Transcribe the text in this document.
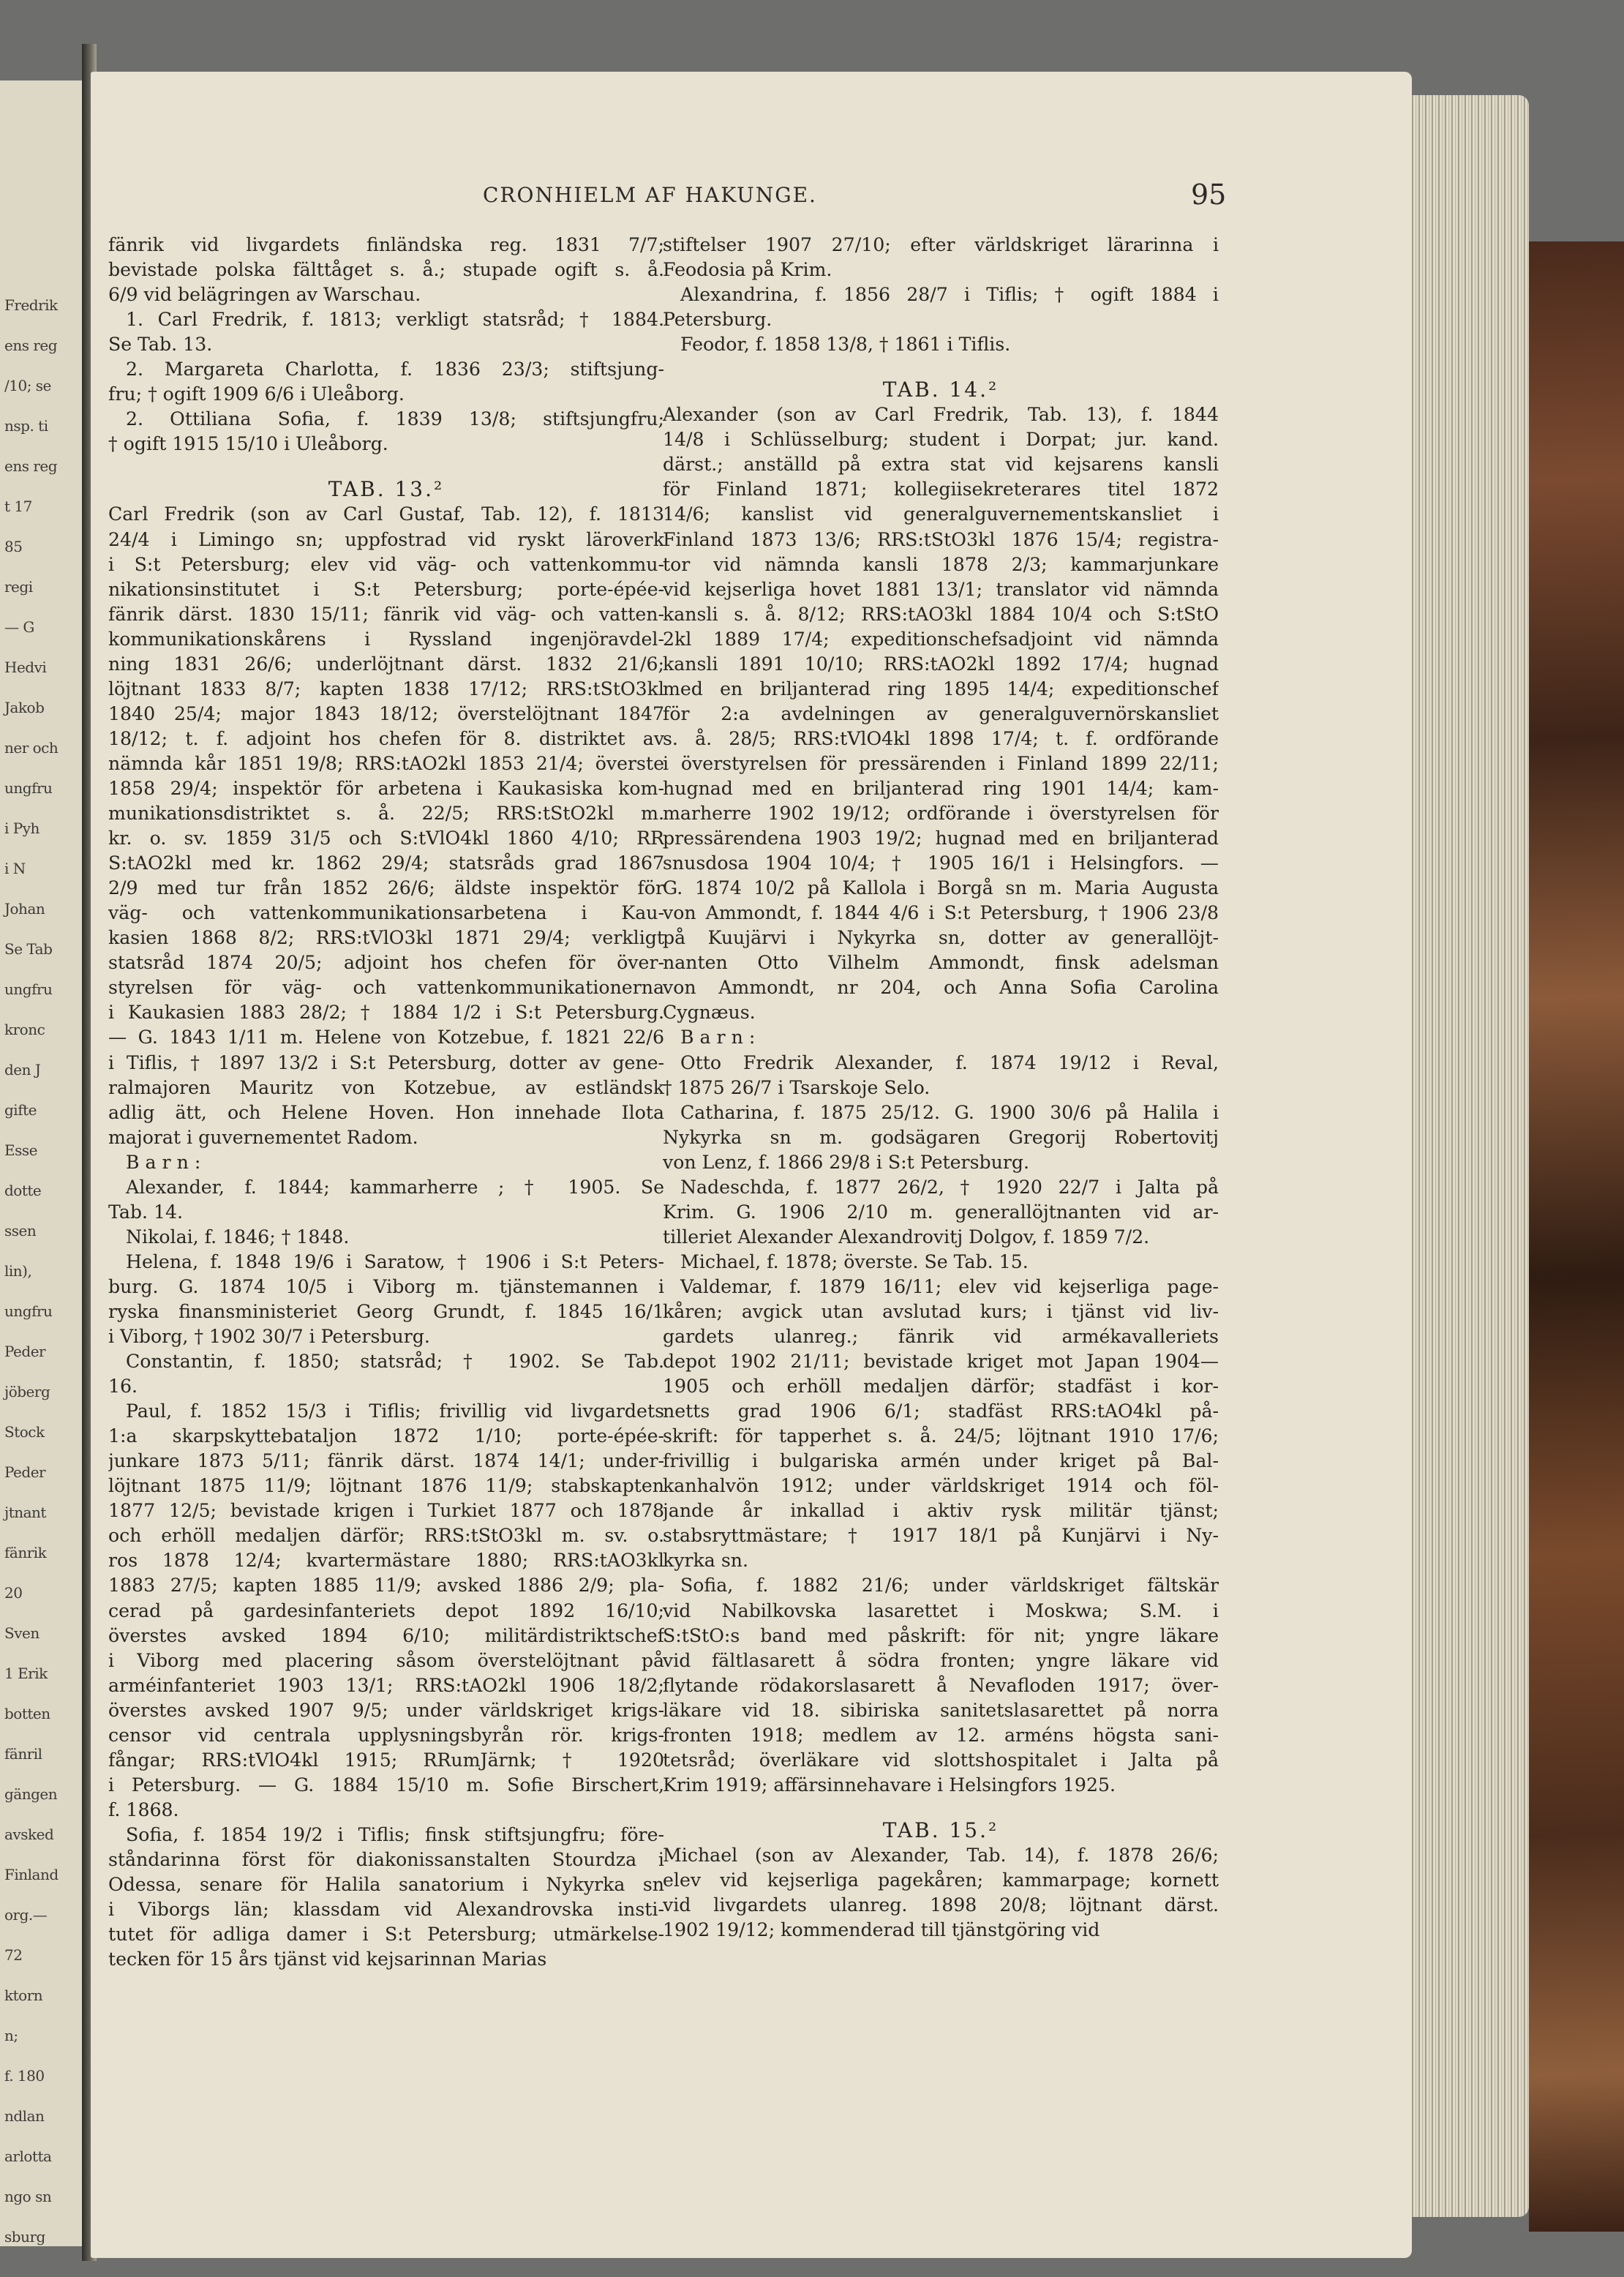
Fredrik
ens reg
/10; se
nsp. ti
ens reg
t 17
85
regi
— G
Hedvi
Jakob
ner och
ungfru
i Pyh
i N
Johan
Se Tab
ungfru
kronc
den J
gifte
Esse
dotte
ssen
lin),
ungfru
Peder
jöberg
Stock
Peder
jtnant
fänrik
20
Sven
1 Erik
botten
fänril
gängen
avsked
Finland
org.—
72
ktorn
n;
f. 180
ndlan
arlotta
ngo sn
sburg
CRONHIELM AF HAKUNGE.	95
fänrik vid livgardets finländska reg. 1831 7/7;
bevistade polska fälttåget s. å.; stupade ogift s. å.
6/9 vid belägringen av Warschau.
1. Carl Fredrik, f. 1813; verkligt statsråd; † 1884.
Se Tab. 13.
2. Margareta Charlotta, f. 1836 23/3; stiftsjung-
fru; † ogift 1909 6/6 i Uleåborg.
2. Ottiliana Sofia, f. 1839 13/8; stiftsjungfru;
† ogift 1915 15/10 i Uleåborg.
TAB. 13.²
Carl Fredrik (son av Carl Gustaf, Tab. 12), f. 1813
24/4 i Limingo sn; uppfostrad vid ryskt läroverk
i S:t Petersburg; elev vid väg- och vattenkommu-
nikationsinstitutet i S:t Petersburg; porte-épée-
fänrik därst. 1830 15/11; fänrik vid väg- och vatten-
kommunikationskårens i Ryssland ingenjöravdel-
ning 1831 26/6; underlöjtnant därst. 1832 21/6;
löjtnant 1833 8/7; kapten 1838 17/12; RRS:tStO3kl
1840 25/4; major 1843 18/12; överstelöjtnant 1847
18/12; t. f. adjoint hos chefen för 8. distriktet av
nämnda kår 1851 19/8; RRS:tAO2kl 1853 21/4; överste
1858 29/4; inspektör för arbetena i Kaukasiska kom-
munikationsdistriktet s. å. 22/5; RRS:tStO2kl m.
kr. o. sv. 1859 31/5 och S:tVlO4kl 1860 4/10; RR
S:tAO2kl med kr. 1862 29/4; statsråds grad 1867
2/9 med tur från 1852 26/6; äldste inspektör för
väg- och vattenkommunikationsarbetena i Kau-
kasien 1868 8/2; RRS:tVlO3kl 1871 29/4; verkligt
statsråd 1874 20/5; adjoint hos chefen för över-
styrelsen för väg- och vattenkommunikationerna
i Kaukasien 1883 28/2; † 1884 1/2 i S:t Petersburg.
— G. 1843 1/11 m. Helene von Kotzebue, f. 1821 22/6
i Tiflis, † 1897 13/2 i S:t Petersburg, dotter av gene-
ralmajoren Mauritz von Kotzebue, av estländsk
adlig ätt, och Helene Hoven. Hon innehade Ilota
majorat i guvernementet Radom.
B a r n :
Alexander, f. 1844; kammarherre ; † 1905. Se
Tab. 14.
Nikolai, f. 1846; † 1848.
Helena, f. 1848 19/6 i Saratow, † 1906 i S:t Peters-
burg. G. 1874 10/5 i Viborg m. tjänstemannen i
ryska finansministeriet Georg Grundt, f. 1845 16/1
i Viborg, † 1902 30/7 i Petersburg.
Constantin, f. 1850; statsråd; † 1902. Se Tab.
16.
Paul, f. 1852 15/3 i Tiflis; frivillig vid livgardets
1:a skarpskyttebataljon 1872 1/10; porte-épée-
junkare 1873 5/11; fänrik därst. 1874 14/1; under-
löjtnant 1875 11/9; löjtnant 1876 11/9; stabskapten
1877 12/5; bevistade krigen i Turkiet 1877 och 1878
och erhöll medaljen därför; RRS:tStO3kl m. sv. o.
ros 1878 12/4; kvartermästare 1880; RRS:tAO3kl
1883 27/5; kapten 1885 11/9; avsked 1886 2/9; pla-
cerad på gardesinfanteriets depot 1892 16/10;
överstes avsked 1894 6/10; militärdistriktschef
i Viborg med placering såsom överstelöjtnant på
arméinfanteriet 1903 13/1; RRS:tAO2kl 1906 18/2;
överstes avsked 1907 9/5; under världskriget krigs-
censor vid centrala upplysningsbyrån rör. krigs-
fångar; RRS:tVlO4kl 1915; RRumJärnk; † 1920
i Petersburg. — G. 1884 15/10 m. Sofie Birschert,
f. 1868.
Sofia, f. 1854 19/2 i Tiflis; finsk stiftsjungfru; före-
ståndarinna först för diakonissanstalten Stourdza i
Odessa, senare för Halila sanatorium i Nykyrka sn
i Viborgs län; klassdam vid Alexandrovska insti-
tutet för adliga damer i S:t Petersburg; utmärkelse-
tecken för 15 års tjänst vid kejsarinnan Marias
stiftelser 1907 27/10; efter världskriget lärarinna i
Feodosia på Krim.
Alexandrina, f. 1856 28/7 i Tiflis; † ogift 1884 i
Petersburg.
Feodor, f. 1858 13/8, † 1861 i Tiflis.
TAB. 14.²
Alexander (son av Carl Fredrik, Tab. 13), f. 1844
14/8 i Schlüsselburg; student i Dorpat; jur. kand.
därst.; anställd på extra stat vid kejsarens kansli
för Finland 1871; kollegiisekreterares titel 1872
14/6; kanslist vid generalguvernementskansliet i
Finland 1873 13/6; RRS:tStO3kl 1876 15/4; registra-
tor vid nämnda kansli 1878 2/3; kammarjunkare
vid kejserliga hovet 1881 13/1; translator vid nämnda
kansli s. å. 8/12; RRS:tAO3kl 1884 10/4 och S:tStO
2kl 1889 17/4; expeditionschefsadjoint vid nämnda
kansli 1891 10/10; RRS:tAO2kl 1892 17/4; hugnad
med en briljanterad ring 1895 14/4; expeditionschef
för 2:a avdelningen av generalguvernörskansliet
s. å. 28/5; RRS:tVlO4kl 1898 17/4; t. f. ordförande
i överstyrelsen för pressärenden i Finland 1899 22/11;
hugnad med en briljanterad ring 1901 14/4; kam-
marherre 1902 19/12; ordförande i överstyrelsen för
pressärendena 1903 19/2; hugnad med en briljanterad
snusdosa 1904 10/4; † 1905 16/1 i Helsingfors. —
G. 1874 10/2 på Kallola i Borgå sn m. Maria Augusta
von Ammondt, f. 1844 4/6 i S:t Petersburg, † 1906 23/8
på Kuujärvi i Nykyrka sn, dotter av generallöjt-
nanten Otto Vilhelm Ammondt, finsk adelsman
von Ammondt, nr 204, och Anna Sofia Carolina
Cygnæus.
B a r n :
Otto Fredrik Alexander, f. 1874 19/12 i Reval,
† 1875 26/7 i Tsarskoje Selo.
Catharina, f. 1875 25/12. G. 1900 30/6 på Halila i
Nykyrka sn m. godsägaren Gregorij Robertovitj
von Lenz, f. 1866 29/8 i S:t Petersburg.
Nadeschda, f. 1877 26/2, † 1920 22/7 i Jalta på
Krim. G. 1906 2/10 m. generallöjtnanten vid ar-
tilleriet Alexander Alexandrovitj Dolgov, f. 1859 7/2.
Michael, f. 1878; överste. Se Tab. 15.
Valdemar, f. 1879 16/11; elev vid kejserliga page-
kåren; avgick utan avslutad kurs; i tjänst vid liv-
gardets ulanreg.; fänrik vid armékavalleriets
depot 1902 21/11; bevistade kriget mot Japan 1904—
1905 och erhöll medaljen därför; stadfäst i kor-
netts grad 1906 6/1; stadfäst RRS:tAO4kl på-
skrift: för tapperhet s. å. 24/5; löjtnant 1910 17/6;
frivillig i bulgariska armén under kriget på Bal-
kanhalvön 1912; under världskriget 1914 och föl-
jande år inkallad i aktiv rysk militär tjänst;
stabsryttmästare; † 1917 18/1 på Kunjärvi i Ny-
kyrka sn.
Sofia, f. 1882 21/6; under världskriget fältskär
vid Nabilkovska lasarettet i Moskwa; S.M. i
S:tStO:s band med påskrift: för nit; yngre läkare
vid fältlasarett å södra fronten; yngre läkare vid
flytande rödakorslasarett å Nevafloden 1917; över-
läkare vid 18. sibiriska sanitetslasarettet på norra
fronten 1918; medlem av 12. arméns högsta sani-
tetsråd; överläkare vid slottshospitalet i Jalta på
Krim 1919; affärsinnehavare i Helsingfors 1925.
TAB. 15.²
Michael (son av Alexander, Tab. 14), f. 1878 26/6;
elev vid kejserliga pagekåren; kammarpage; kornett
vid livgardets ulanreg. 1898 20/8; löjtnant därst.
1902 19/12; kommenderad till tjänstgöring vid
